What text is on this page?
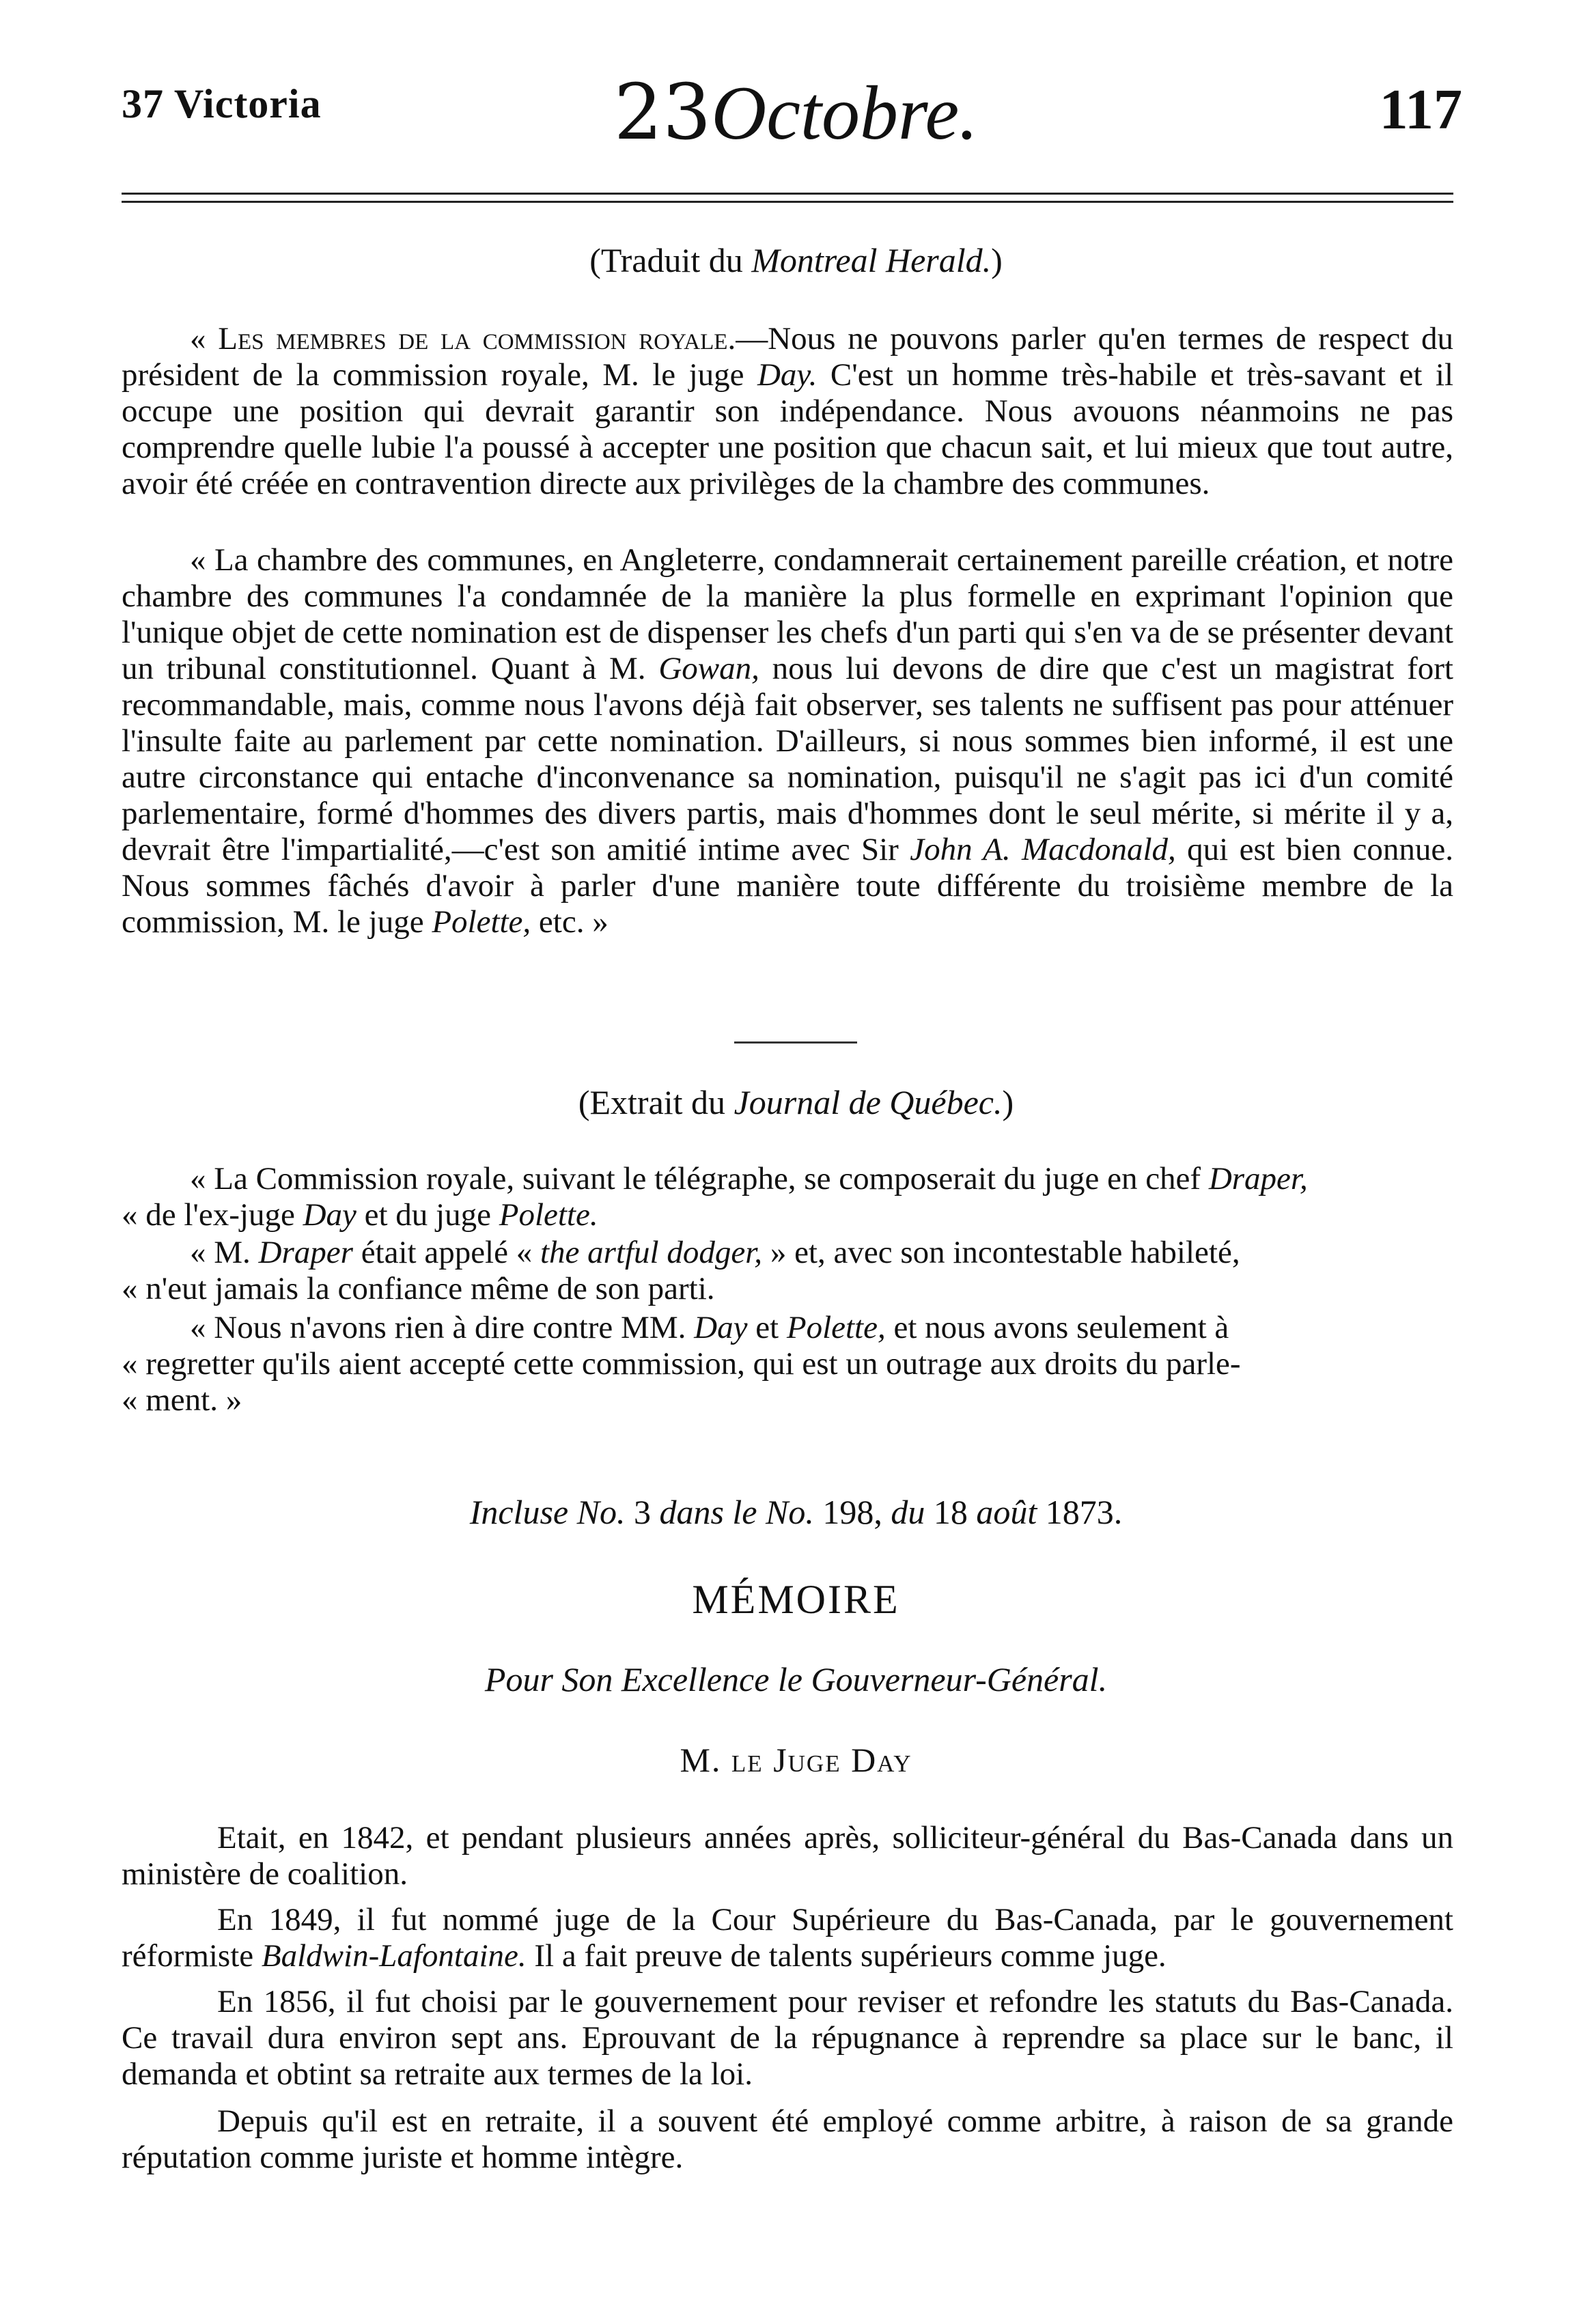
37 Victoria	23Octobre.	117
(Traduit du Montreal Herald.)
« Les membres de la commission royale.—Nous ne pouvons parler qu'en termes de respect du président de la commission royale, M. le juge Day. C'est un homme très-habile et très-savant et il occupe une position qui devrait garantir son indépendance. Nous avouons néanmoins ne pas comprendre quelle lubie l'a poussé à accepter une position que chacun sait, et lui mieux que tout autre, avoir été créée en contravention directe aux privilèges de la chambre des communes.
« La chambre des communes, en Angleterre, condamnerait certainement pareille création, et notre chambre des communes l'a condamnée de la manière la plus formelle en exprimant l'opinion que l'unique objet de cette nomination est de dispenser les chefs d'un parti qui s'en va de se présenter devant un tribunal constitutionnel. Quant à M. Gowan, nous lui devons de dire que c'est un magistrat fort recommandable, mais, comme nous l'avons déjà fait observer, ses talents ne suffisent pas pour atténuer l'insulte faite au parlement par cette nomination. D'ailleurs, si nous sommes bien informé, il est une autre circonstance qui entache d'inconvenance sa nomination, puisqu'il ne s'agit pas ici d'un comité parlementaire, formé d'hommes des divers partis, mais d'hommes dont le seul mérite, si mérite il y a, devrait être l'impartialité,—c'est son amitié intime avec Sir John A. Macdonald, qui est bien connue. Nous sommes fâchés d'avoir à parler d'une manière toute différente du troisième membre de la commission, M. le juge Polette, etc. »
(Extrait du Journal de Québec.)
« La Commission royale, suivant le télégraphe, se composerait du juge en chef Draper,
« de l'ex-juge Day et du juge Polette.
« M. Draper était appelé « the artful dodger, » et, avec son incontestable habileté,
« n'eut jamais la confiance même de son parti.
« Nous n'avons rien à dire contre MM. Day et Polette, et nous avons seulement à
« regretter qu'ils aient accepté cette commission, qui est un outrage aux droits du parle-
« ment. »
Incluse No. 3 dans le No. 198, du 18 août 1873.
MÉMOIRE
Pour Son Excellence le Gouverneur-Général.
M. le Juge Day
Etait, en 1842, et pendant plusieurs années après, solliciteur-général du Bas-Canada dans un ministère de coalition.
En 1849, il fut nommé juge de la Cour Supérieure du Bas-Canada, par le gouvernement réformiste Baldwin-Lafontaine. Il a fait preuve de talents supérieurs comme juge.
En 1856, il fut choisi par le gouvernement pour reviser et refondre les statuts du Bas-Canada. Ce travail dura environ sept ans. Eprouvant de la répugnance à reprendre sa place sur le banc, il demanda et obtint sa retraite aux termes de la loi.
Depuis qu'il est en retraite, il a souvent été employé comme arbitre, à raison de sa grande réputation comme juriste et homme intègre.
